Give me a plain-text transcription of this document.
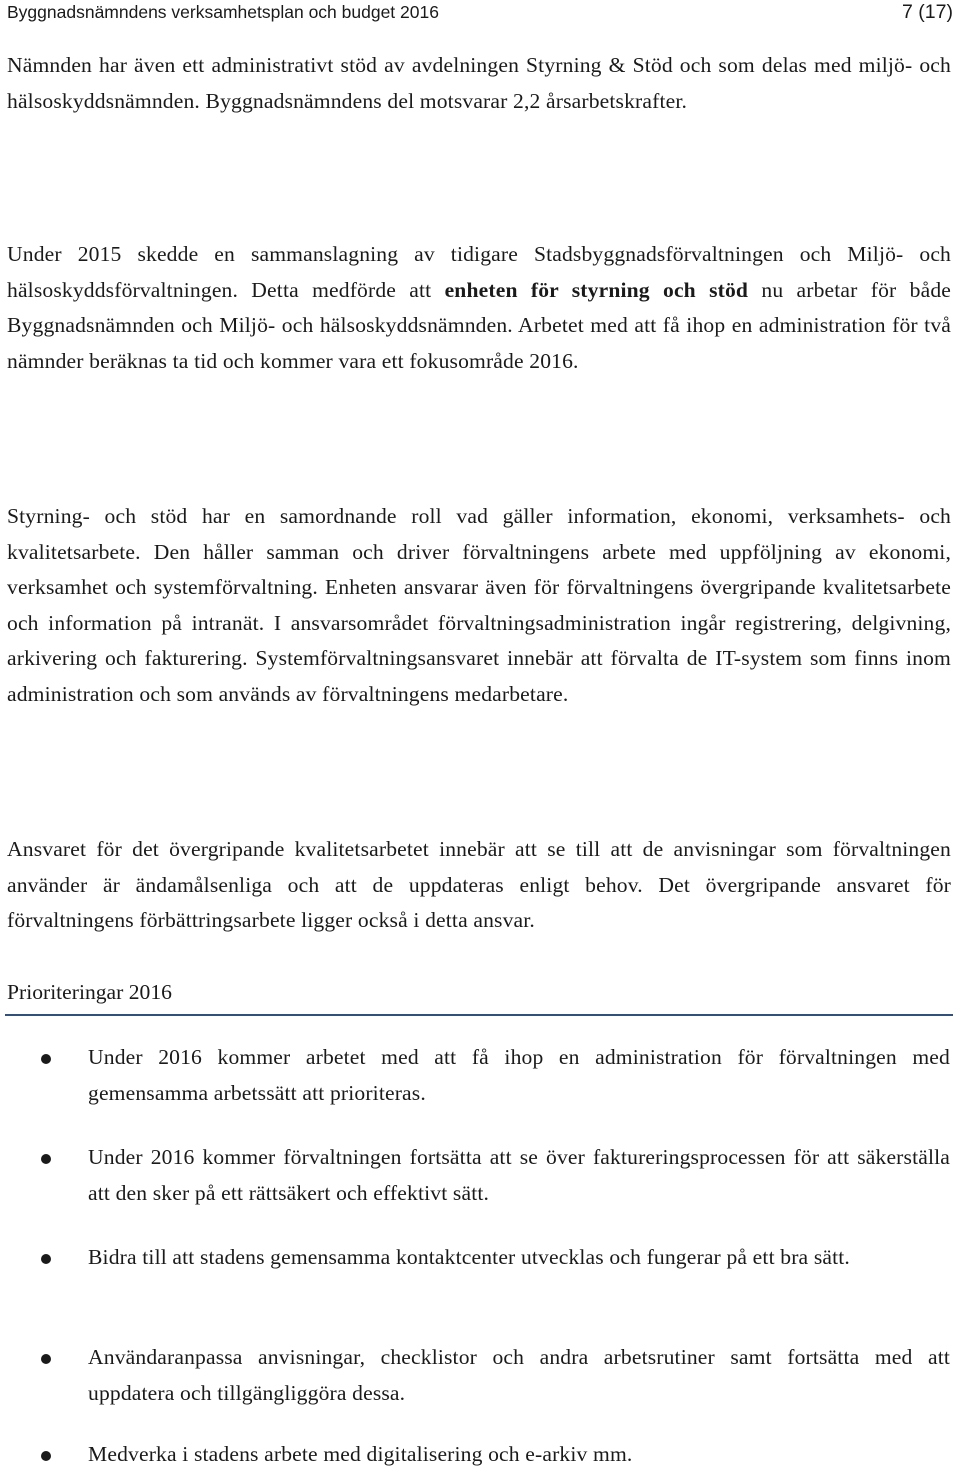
Byggnadsnämndens verksamhetsplan och budget 2016	7 (17)

Nämnden har även ett administrativt stöd av avdelningen Styrning & Stöd och som delas med miljö- och hälsoskyddsnämnden. Byggnadsnämndens del motsvarar 2,2 årsarbetskrafter.

Under 2015 skedde en sammanslagning av tidigare Stadsbyggnadsförvaltningen och Miljö- och hälsoskyddsförvaltningen. Detta medförde att enheten för styrning och stöd nu arbetar för både Byggnadsnämnden och Miljö- och hälsoskyddsnämnden. Arbetet med att få ihop en administration för två nämnder beräknas ta tid och kommer vara ett fokusområde 2016.

Styrning- och stöd har en samordnande roll vad gäller information, ekonomi, verksamhets- och kvalitetsarbete. Den håller samman och driver förvaltningens arbete med uppföljning av ekonomi, verksamhet och systemförvaltning. Enheten ansvarar även för förvaltningens övergripande kvalitetsarbete och information på intranät. I ansvarsområdet förvaltningsadministration ingår registrering, delgivning, arkivering och fakturering. Systemförvaltningsansvaret innebär att förvalta de IT-system som finns inom administration och som används av förvaltningens medarbetare.

Ansvaret för det övergripande kvalitetsarbetet innebär att se till att de anvisningar som förvaltningen använder är ändamålsenliga och att de uppdateras enligt behov. Det övergripande ansvaret för förvaltningens förbättringsarbete ligger också i detta ansvar.

Prioriteringar 2016
Under 2016 kommer arbetet med att få ihop en administration för förvaltningen med gemensamma arbetssätt att prioriteras.
Under 2016 kommer förvaltningen fortsätta att se över faktureringsprocessen för att säkerställa att den sker på ett rättsäkert och effektivt sätt.
Bidra till att stadens gemensamma kontaktcenter utvecklas och fungerar på ett bra sätt.
Användaranpassa anvisningar, checklistor och andra arbetsrutiner samt fortsätta med att uppdatera och tillgängliggöra dessa.
Medverka i stadens arbete med digitalisering och e-arkiv mm.
